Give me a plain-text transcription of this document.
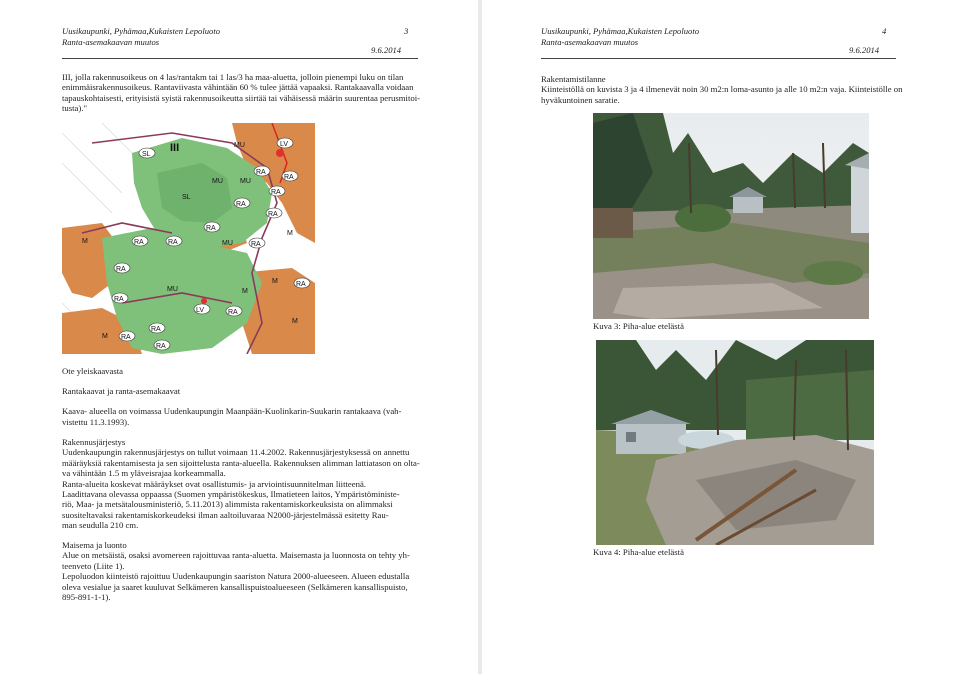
Uusikaupunki, Pyhämaa,Kukaisten Lepoluoto
Ranta-asemakaavan muutos
3
9.6.2014

III, jolla rakennusoikeus on 4 las/rantakm tai 1 las/3 ha maa-aluetta, jolloin pienempi luku on tilan

enimmäisrakennusoikeus. Rantaviivasta vähintään 60 % tulee jättää vapaaksi. Rantakaavalla voidaan

tapauskohtaisesti, erityisistä syistä rakennusoikeutta siirtää tai vähäisessä määrin suurentaa perusmitoi-

tusta)."

III
SL
MU	LV
RA
RA
RA
SL
MU MU
RA
RA
RA
RA
RA
M
MU
RA	RA
RA
M
MU
LV	RA
M
M
RA
M RA
M	RA
RA

Ote yleiskaavasta

Rantakaavat ja ranta-asemakaavat

Kaava- alueella on voimassa Uudenkaupungin Maanpään-Kuolinkarin-Suukarin rantakaava (vah-

vistettu 11.3.1993).

Rakennusjärjestys

Uudenkaupungin rakennusjärjestys on tullut voimaan 11.4.2002. Rakennusjärjestyksessä on annettu

määräyksiä rakentamisesta ja sen sijoittelusta ranta-alueella. Rakennuksen alimman lattiatason on olta-

va vähintään 1.5 m yläveisrajaa korkeammalla.

Ranta-alueita koskevat määräykset ovat osallistumis- ja arviointisuunnitelman liitteenä.

Laadittavana olevassa oppaassa (Suomen ympäristökeskus, Ilmatieteen laitos, Ympäristöministe-

riö, Maa- ja metsätalousministeriö, 5.11.2013) alimmista rakentamiskorkeuksista on alimmaksi

suositeltavaksi rakentamiskorkeudeksi ilman aaltoiluvaraa N2000-järjestelmässä esitetty Rau-

man seudulla 210 cm.

Maisema ja luonto

Alue on metsäistä, osaksi avomereen rajoittuvaa ranta-aluetta. Maisemasta ja luonnosta on tehty yh-

teenveto (Liite 1).

Lepoluodon kiinteistö rajoittuu Uudenkaupungin saariston Natura 2000-alueeseen. Alueen edustalla

oleva vesialue ja saaret kuuluvat Selkämeren kansallispuistoalueeseen (Selkämeren kansallispuisto,

895-891-1-1).

Uusikaupunki, Pyhämaa,Kukaisten Lepoluoto
Ranta-asemakaavan muutos
4
9.6.2014

Rakentamistilanne

Kiinteistöllä on kuvista 3 ja 4 ilmenevät noin 30 m2:n loma-asunto ja alle 10 m2:n vaja. Kiinteistölle on

hyväkuntoinen saratie.

Kuva 3: Piha-alue etelästä
Kuva 4: Piha-alue etelästä
